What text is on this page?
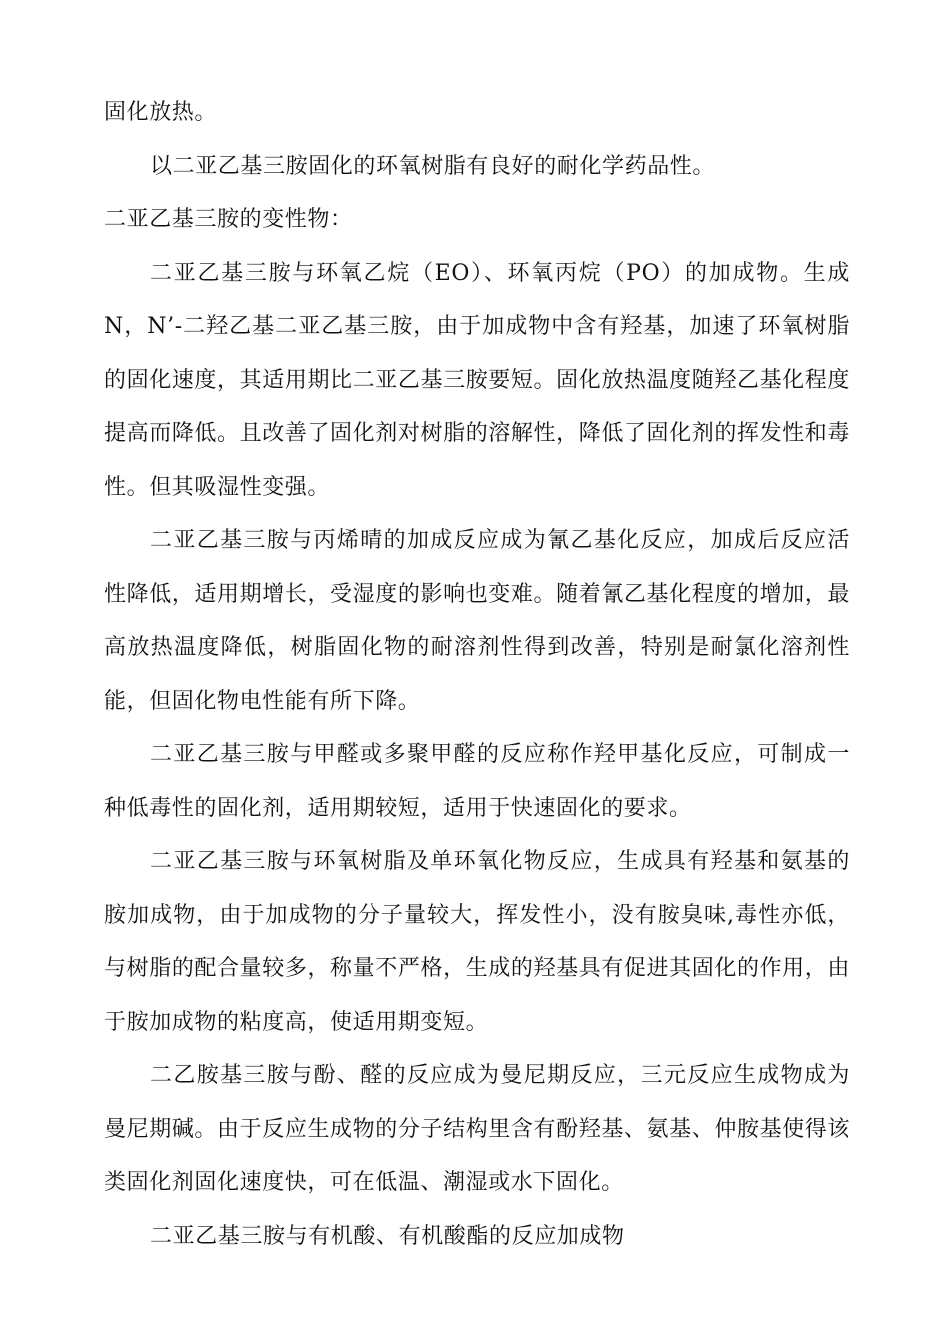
固化放热。

以二亚乙基三胺固化的环氧树脂有良好的耐化学药品性。

二亚乙基三胺的变性物：

二亚乙基三胺与环氧乙烷（EO）、环氧丙烷（PO）的加成物。生成N，N’-二羟乙基二亚乙基三胺，由于加成物中含有羟基，加速了环氧树脂的固化速度，其适用期比二亚乙基三胺要短。固化放热温度随羟乙基化程度提高而降低。且改善了固化剂对树脂的溶解性，降低了固化剂的挥发性和毒性。但其吸湿性变强。

二亚乙基三胺与丙烯晴的加成反应成为氰乙基化反应，加成后反应活性降低，适用期增长，受湿度的影响也变难。随着氰乙基化程度的增加，最高放热温度降低，树脂固化物的耐溶剂性得到改善，特别是耐氯化溶剂性能，但固化物电性能有所下降。

二亚乙基三胺与甲醛或多聚甲醛的反应称作羟甲基化反应，可制成一种低毒性的固化剂，适用期较短，适用于快速固化的要求。

二亚乙基三胺与环氧树脂及单环氧化物反应，生成具有羟基和氨基的胺加成物，由于加成物的分子量较大，挥发性小，没有胺臭味,毒性亦低，与树脂的配合量较多，称量不严格，生成的羟基具有促进其固化的作用，由于胺加成物的粘度高，使适用期变短。

二乙胺基三胺与酚、醛的反应成为曼尼期反应，三元反应生成物成为曼尼期碱。由于反应生成物的分子结构里含有酚羟基、氨基、仲胺基使得该类固化剂固化速度快，可在低温、潮湿或水下固化。

二亚乙基三胺与有机酸、有机酸酯的反应加成物
